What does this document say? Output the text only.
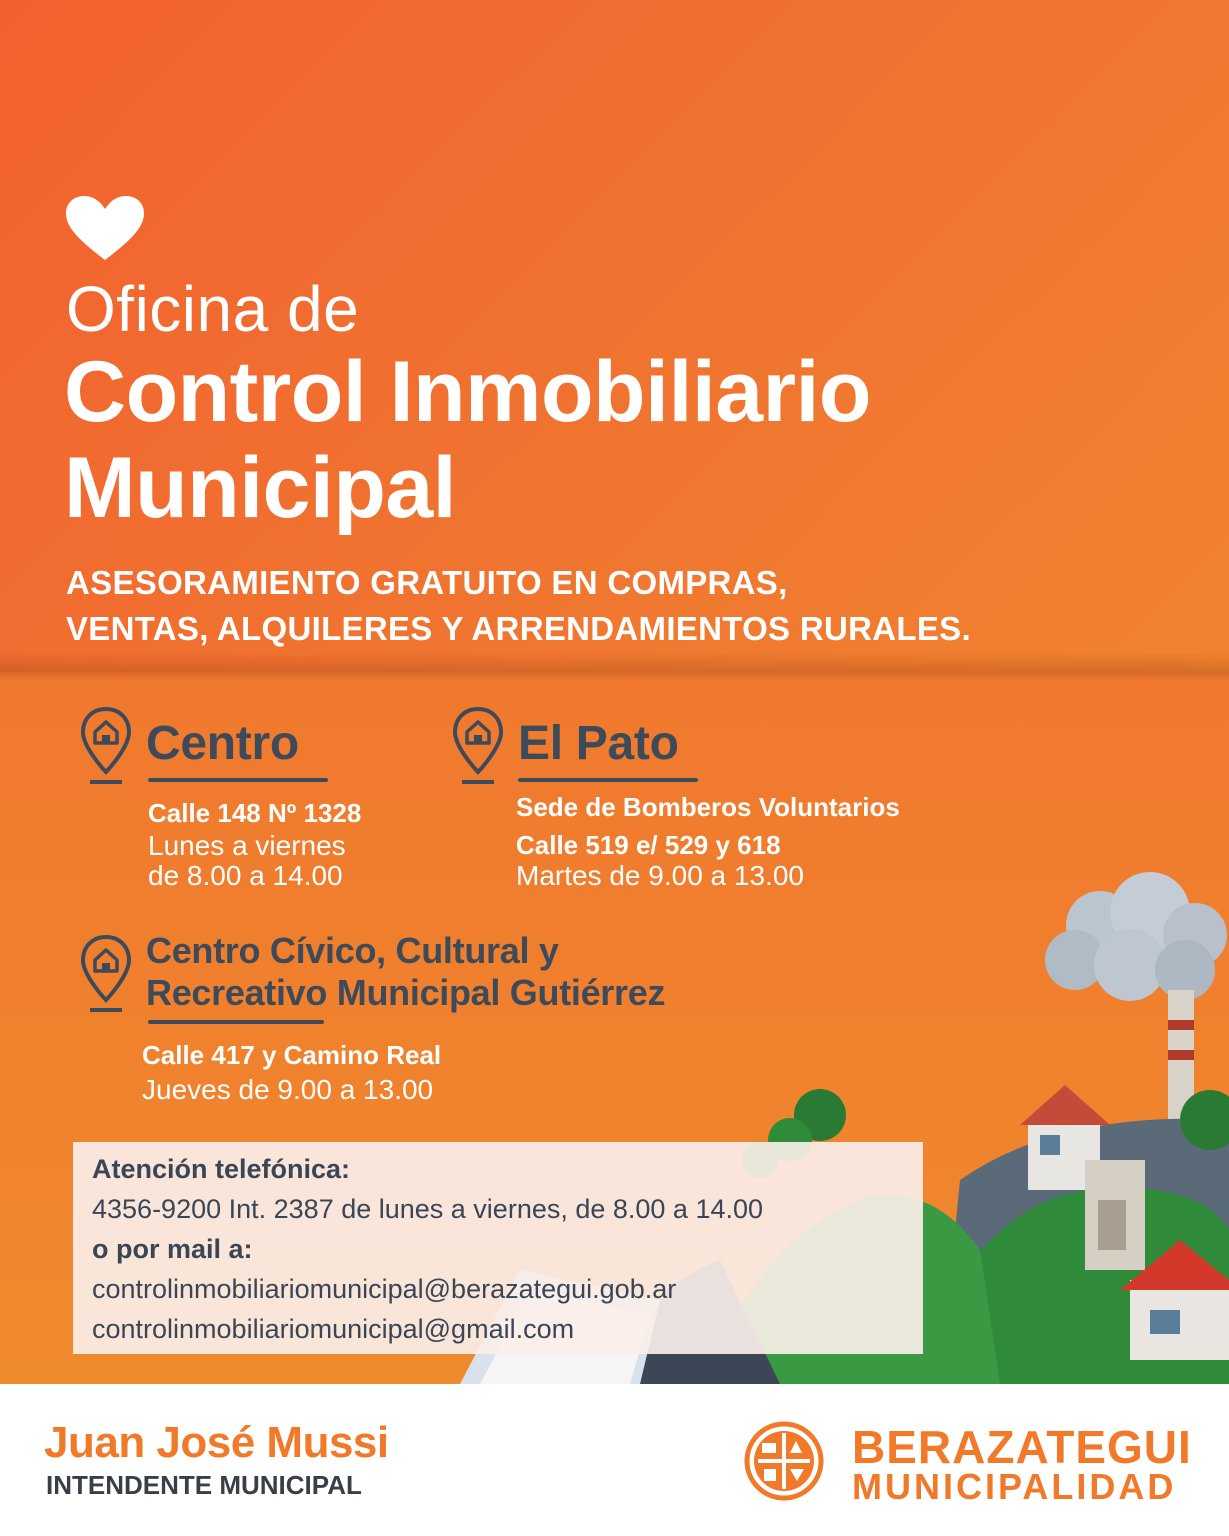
Oficina de
Control Inmobiliario
Municipal
ASESORAMIENTO GRATUITO EN COMPRAS,
VENTAS, ALQUILERES Y ARRENDAMIENTOS RURALES.
Centro
Calle 148 Nº 1328
Lunes a viernes
de 8.00 a 14.00
El Pato
Sede de Bomberos Voluntarios
Calle 519 e/ 529 y 618
Martes de 9.00 a 13.00
Centro Cívico, Cultural y
Recreativo Municipal Gutiérrez
Calle 417 y Camino Real
Jueves de 9.00 a 13.00
Atención telefónica:
4356-9200 Int. 2387 de lunes a viernes, de 8.00 a 14.00
o por mail a:
controlinmobiliariomunicipal@berazategui.gob.ar
controlinmobiliariomunicipal@gmail.com
Juan José Mussi
INTENDENTE MUNICIPAL
BERAZATEGUI
MUNICIPALIDAD
